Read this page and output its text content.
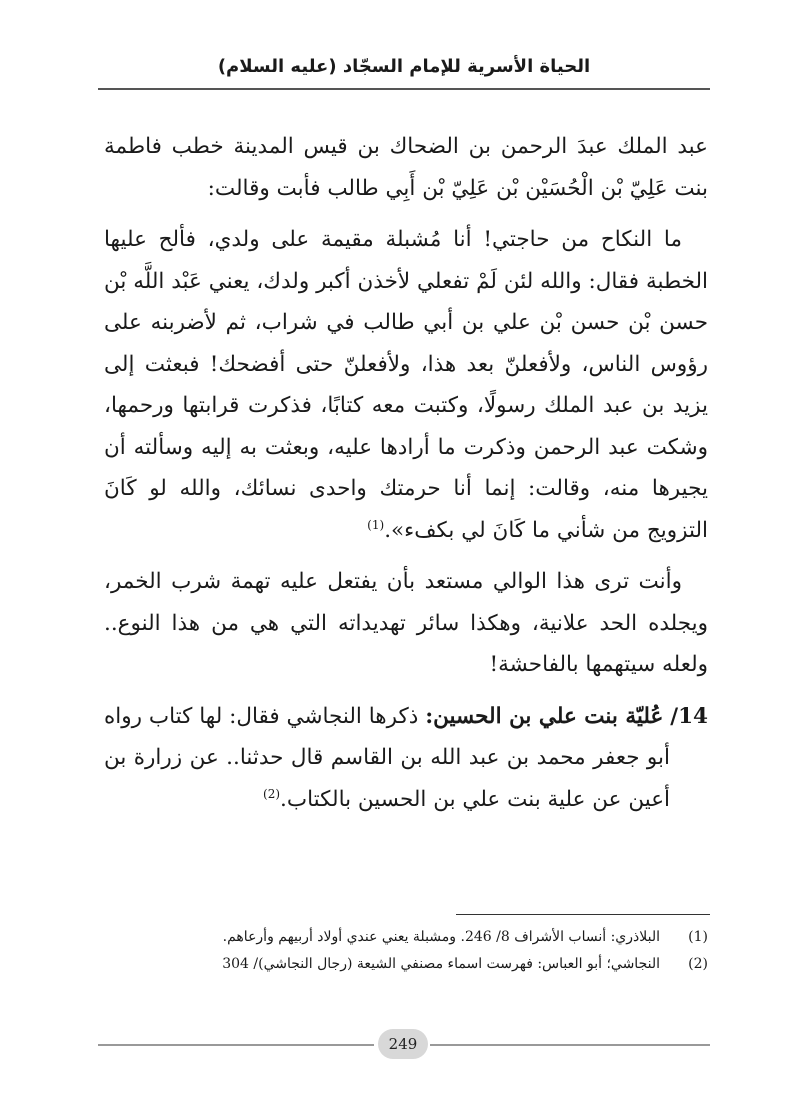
الحياة الأسرية للإمام السجّاد (عليه السلام)

عبد الملك عبدَ الرحمن بن الضحاك بن قيس المدينة خطب فاطمة بنت عَلِيّ بْن الْحُسَيْن بْن عَلِيّ بْن أَبِي طالب فأبت وقالت:

ما النكاح من حاجتي! أنا مُشبلة مقيمة على ولدي، فألح عليها الخطبة فقال: والله لئن لَمْ تفعلي لأخذن أكبر ولدك، يعني عَبْد اللَّه بْن حسن بْن حسن بْن علي بن أبي طالب في شراب، ثم لأضربنه على رؤوس الناس، ولأفعلنّ بعد هذا، ولأفعلنّ حتى أفضحك! فبعثت إلى يزيد بن عبد الملك رسولًا، وكتبت معه كتابًا، فذكرت قرابتها ورحمها، وشكت عبد الرحمن وذكرت ما أرادها عليه، وبعثت به إليه وسألته أن يجيرها منه، وقالت: إنما أنا حرمتك واحدى نسائك، والله لو كَانَ التزويج من شأني ما كَانَ لي بكفء».$^{(1)}$

وأنت ترى هذا الوالي مستعد بأن يفتعل عليه تهمة شرب الخمر، ويجلده الحد علانية، وهكذا سائر تهديداته التي هي من هذا النوع.. ولعله سيتهمها بالفاحشة!

14/ عُليّة بنت علي بن الحسين: ذكرها النجاشي فقال: لها كتاب رواه أبو جعفر محمد بن عبد الله بن القاسم قال حدثنا.. عن زرارة بن أعين عن علية بنت علي بن الحسين بالكتاب.$^{(2)}$

(1)
البلاذري: أنساب الأشراف 8/ 246. ومشبلة يعني عندي أولاد أربيهم وأرعاهم.

(2)
النجاشي؛ أبو العباس: فهرست اسماء مصنفي الشيعة (رجال النجاشي)/ 304

249
